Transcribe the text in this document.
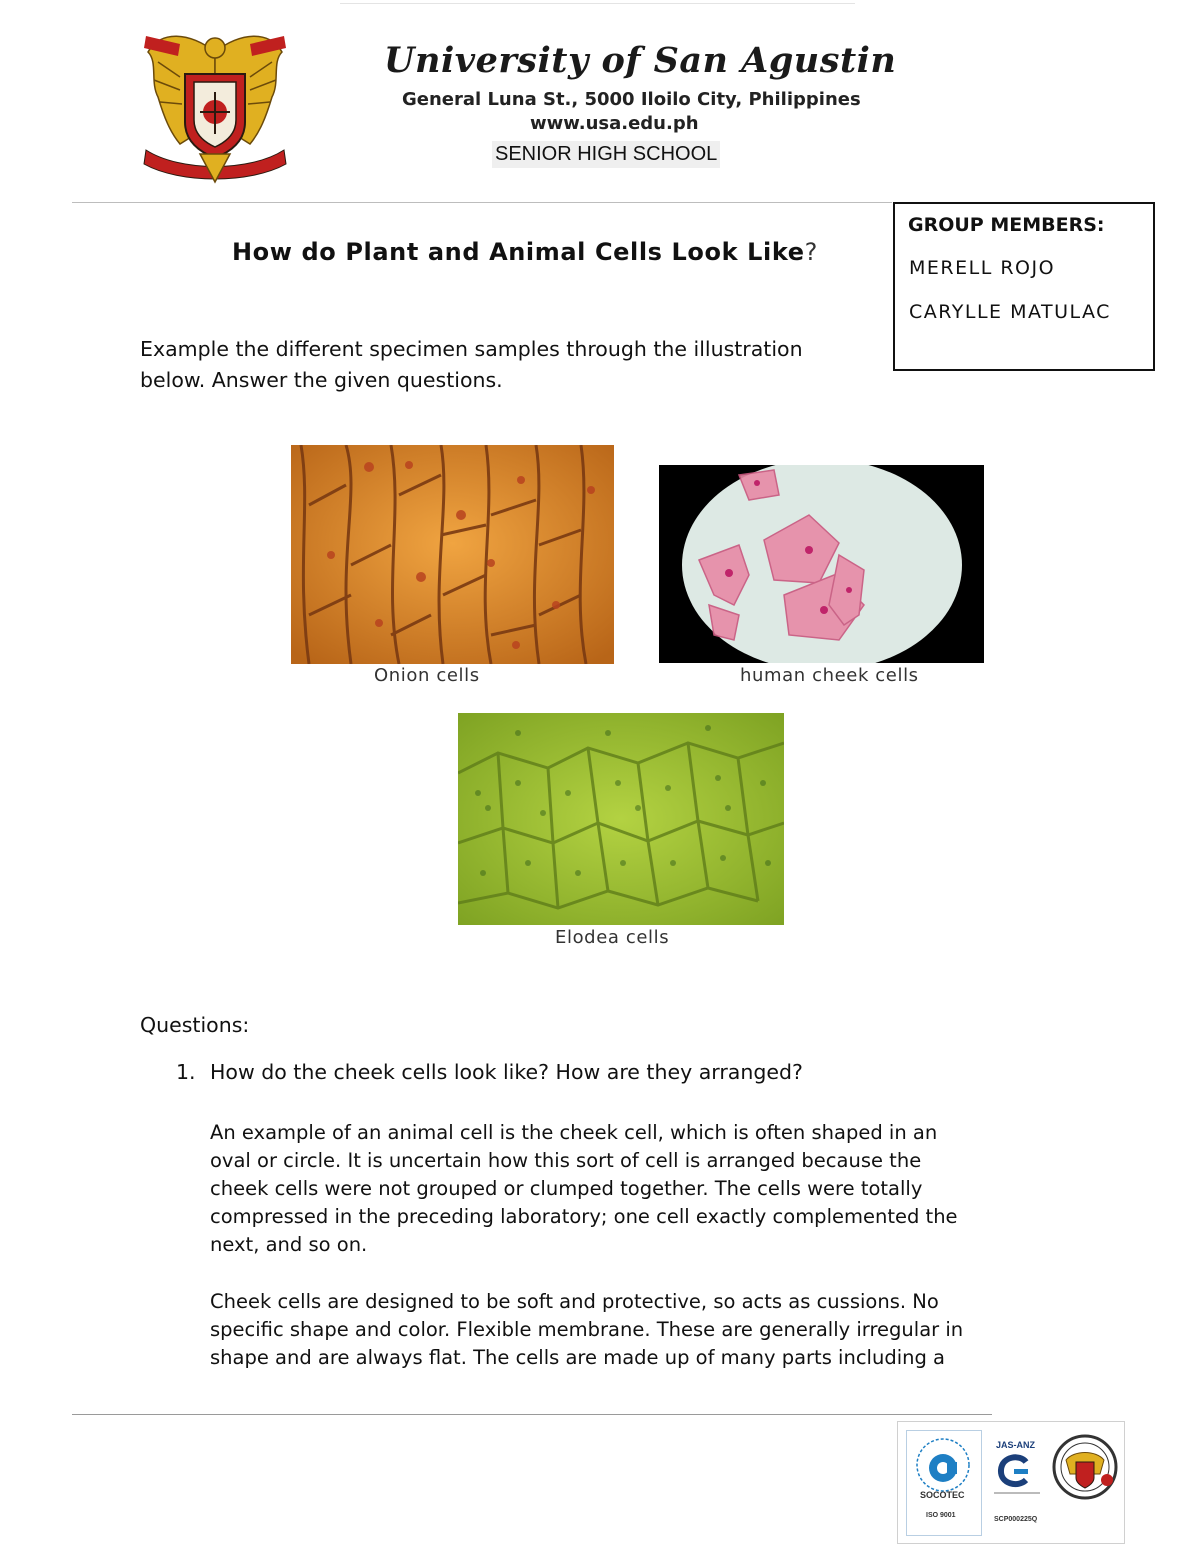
University of San Agustin
General Luna St., 5000 Iloilo City, Philippines
www.usa.edu.ph
SENIOR HIGH SCHOOL
GROUP MEMBERS:
MERELL ROJO
CARYLLE MATULAC
How do Plant and Animal Cells Look Like?
Example the different specimen samples through the illustration
below. Answer the given questions.
Onion cells	human cheek cells
Elodea cells
Questions:
1. How do the cheek cells look like? How are they arranged?
An example of an animal cell is the cheek cell, which is often shaped in an
oval or circle. It is uncertain how this sort of cell is arranged because the
cheek cells were not grouped or clumped together. The cells were totally
compressed in the preceding laboratory; one cell exactly complemented the
next, and so on.
Cheek cells are designed to be soft and protective, so acts as cussions. No
specific shape and color. Flexible membrane. These are generally irregular in
shape and are always flat. The cells are made up of many parts including a
SOCOTEC
ISO 9001
JAS-ANZ
SCP000225Q
